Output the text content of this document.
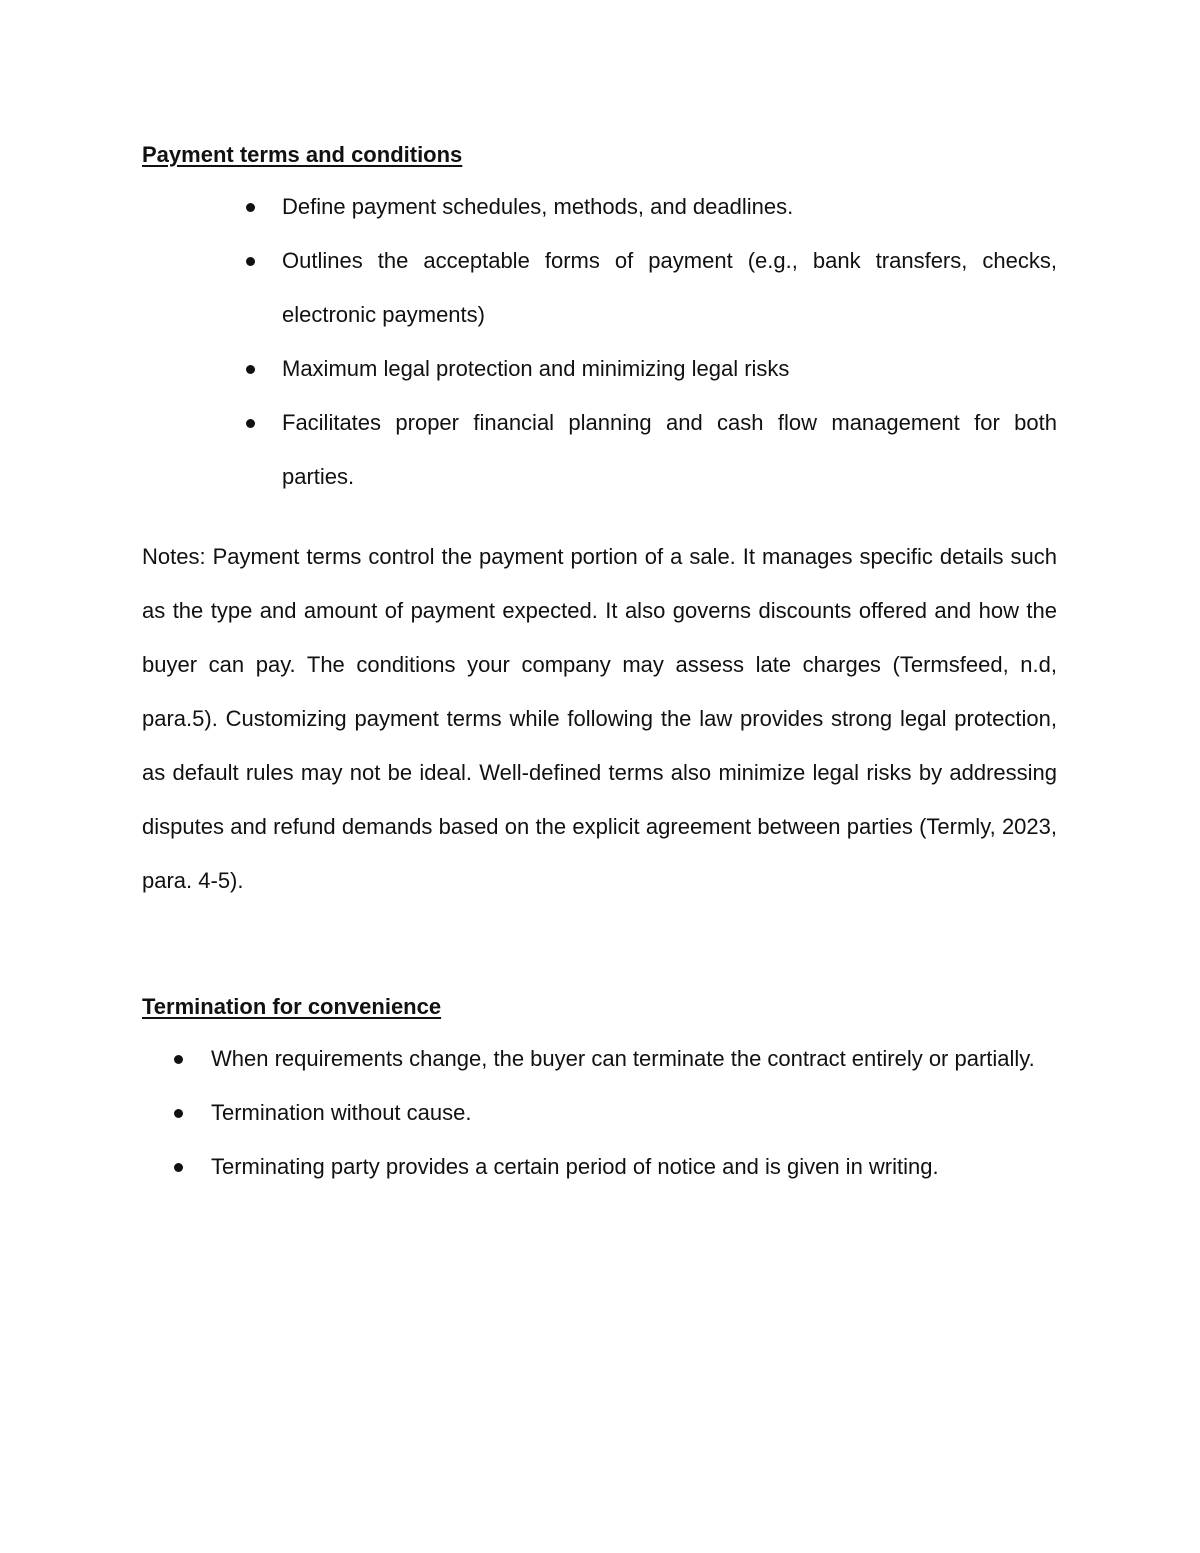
Payment terms and conditions
Define payment schedules, methods, and deadlines.
Outlines the acceptable forms of payment (e.g., bank transfers, checks, electronic payments)
Maximum legal protection and minimizing legal risks
Facilitates proper financial planning and cash flow management for both parties.

Notes: Payment terms control the payment portion of a sale. It manages specific details such as the type and amount of payment expected. It also governs discounts offered and how the buyer can pay. The conditions your company may assess late charges (Termsfeed, n.d, para.5). Customizing payment terms while following the law provides strong legal protection, as default rules may not be ideal. Well-defined terms also minimize legal risks by addressing disputes and refund demands based on the explicit agreement between parties (Termly, 2023, para. 4-5).

Termination for convenience
When requirements change, the buyer can terminate the contract entirely or partially.
Termination without cause.
Terminating party provides a certain period of notice and is given in writing.
